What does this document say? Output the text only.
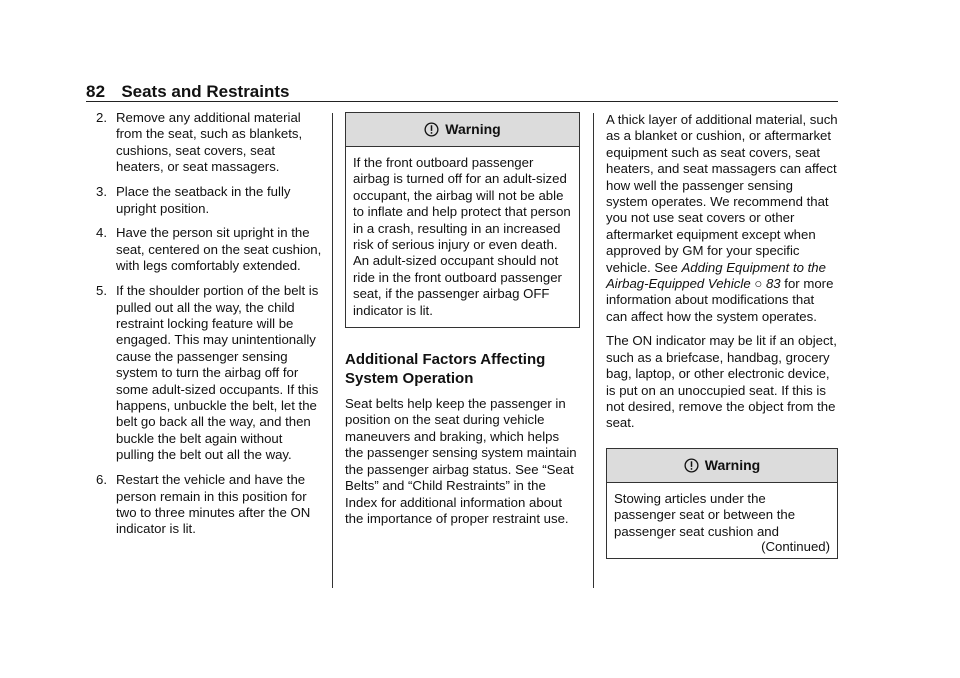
82 Seats and Restraints
2. Remove any additional material from the seat, such as blankets, cushions, seat covers, seat heaters, or seat massagers.
3. Place the seatback in the fully upright position.
4. Have the person sit upright in the seat, centered on the seat cushion, with legs comfortably extended.
5. If the shoulder portion of the belt is pulled out all the way, the child restraint locking feature will be engaged. This may unintentionally cause the passenger sensing system to turn the airbag off for some adult-sized occupants. If this happens, unbuckle the belt, let the belt go back all the way, and then buckle the belt again without pulling the belt out all the way.
6. Restart the vehicle and have the person remain in this position for two to three minutes after the ON indicator is lit.
Warning
If the front outboard passenger airbag is turned off for an adult-sized occupant, the airbag will not be able to inflate and help protect that person in a crash, resulting in an increased risk of serious injury or even death. An adult-sized occupant should not ride in the front outboard passenger seat, if the passenger airbag OFF indicator is lit.
Additional Factors Affecting System Operation

Seat belts help keep the passenger in position on the seat during vehicle maneuvers and braking, which helps the passenger sensing system maintain the passenger airbag status. See “Seat Belts” and “Child Restraints” in the Index for additional information about the importance of proper restraint use.

A thick layer of additional material, such as a blanket or cushion, or aftermarket equipment such as seat covers, seat heaters, and seat massagers can affect how well the passenger sensing system operates. We recommend that you not use seat covers or other aftermarket equipment except when approved by GM for your specific vehicle. See Adding Equipment to the Airbag-Equipped Vehicle ○ 83 for more information about modifications that can affect how the system operates.

The ON indicator may be lit if an object, such as a briefcase, handbag, grocery bag, laptop, or other electronic device, is put on an unoccupied seat. If this is not desired, remove the object from the seat.

Warning
Stowing articles under the passenger seat or between the passenger seat cushion and
(Continued)
